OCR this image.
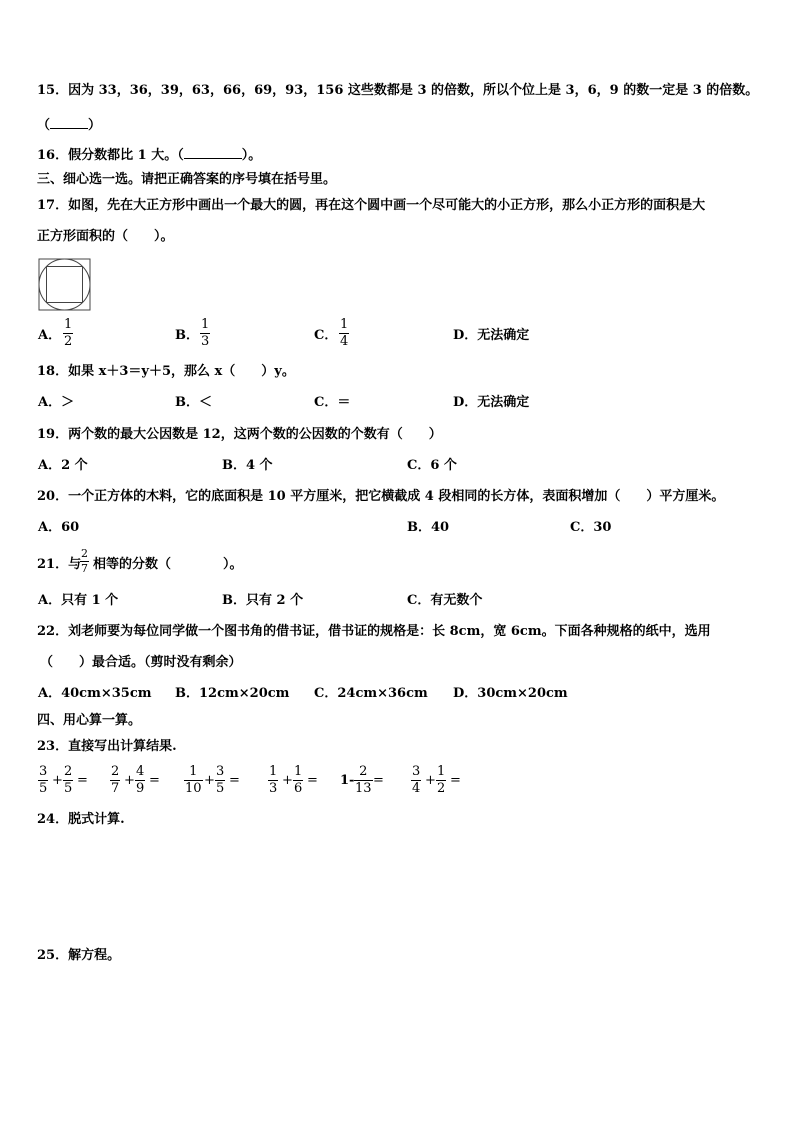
15．因为 33，36，39，63，66，69，93，156 这些数都是 3 的倍数，所以个位上是 3，6，9 的数一定是 3 的倍数。
（	）
16．假分数都比 1 大。（	）。
三、细心选一选。请把正确答案的序号填在括号里。
17．如图，先在大正方形中画出一个最大的圆，再在这个圆中画一个尽可能大的小正方形，那么小正方形的面积是大
正方形面积的（　　）。
A． $\frac{1}{2}$	B． $\frac{1}{3}$	C． $\frac{1}{4}$	D．无法确定
18．如果 x＋3＝y＋5，那么 x（　　）y。
A．＞	B．＜	C．＝	D．无法确定
19．两个数的最大公因数是 12，这两个数的公因数的个数有（　　）
A．2 个	B．4 个	C．6 个
20．一个正方体的木料，它的底面积是 10 平方厘米，把它横截成 4 段相同的长方体，表面积增加（　　）平方厘米。
A．60	B．40	C．30
21．与
$\frac{2}{7}$ 相等的分数（　　　　）。
A．只有 1 个	B．只有 2 个	C．有无数个
22．刘老师要为每位同学做一个图书角的借书证，借书证的规格是：长 8cm，宽 6cm。下面各种规格的纸中，选用
（　　）最合适。（剪时没有剩余）
A．40cm×35cm B．12cm×20cm C．24cm×36cm D．30cm×20cm
四、用心算一算。
23．直接写出计算结果.
$\frac{3}{5} + \frac{2}{5} = \frac{2}{7} + \frac{4}{9} = \frac{1}{10} + \frac{3}{5} = \frac{1}{3} + \frac{1}{6} = 1- \frac{2}{13} = \frac{3}{4} + \frac{1}{2}$ =
24．脱式计算.
25．解方程。
